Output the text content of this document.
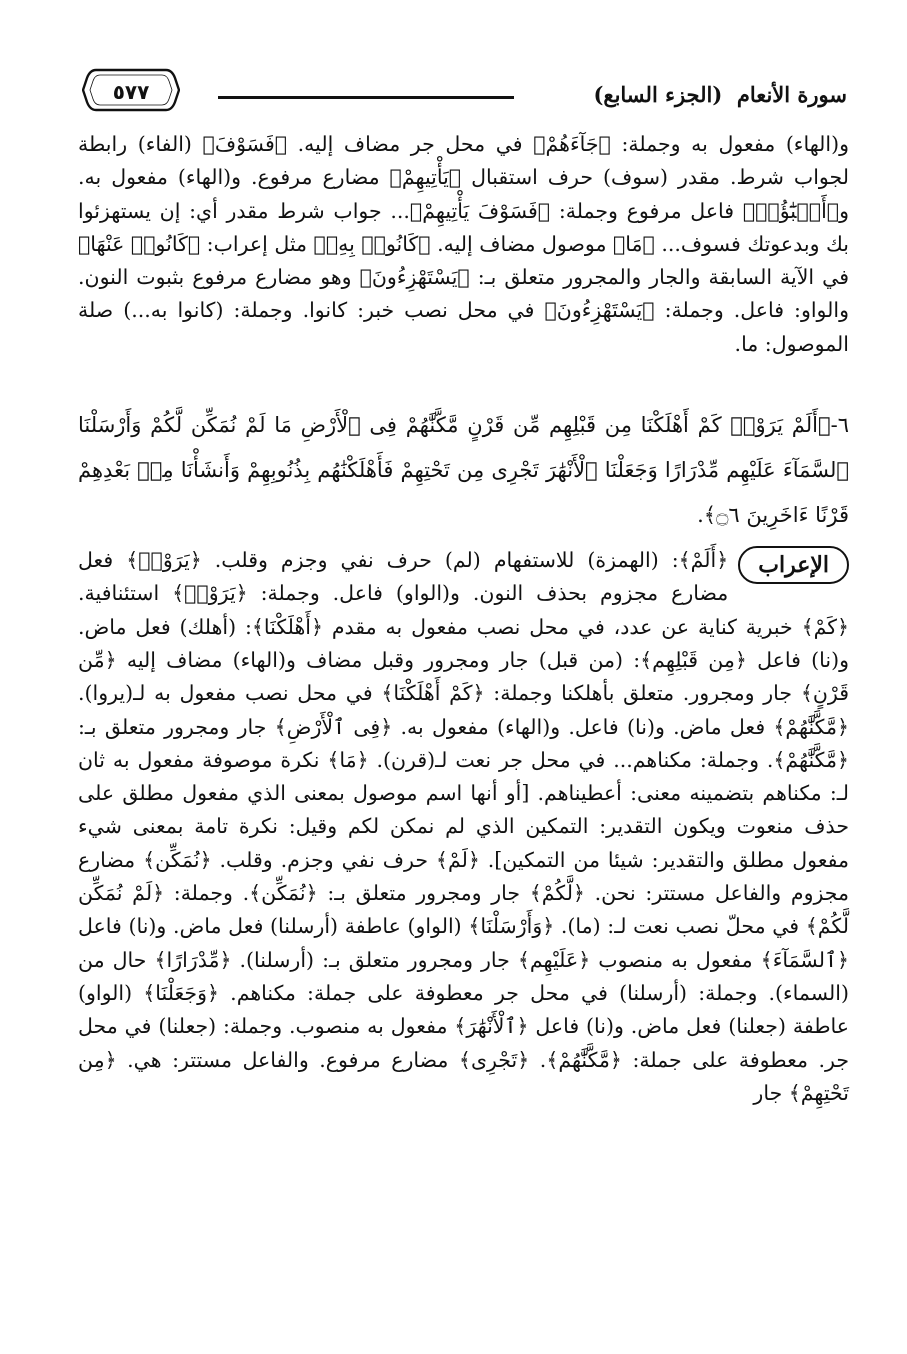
سورة الأنعام  (الجزء السابع)
٥٧٧

و(الهاء) مفعول به وجملة: ﴿جَآءَهُمْ﴾ في محل جر مضاف إليه. ﴿فَسَوْفَ﴾ (الفاء) رابطة لجواب شرط. مقدر (سوف) حرف استقبال ﴿يَأْتِيهِمْ﴾ مضارع مرفوع. و(الهاء) مفعول به. و﴿أَنۢبَٰٓؤُا۟﴾ فاعل مرفوع وجملة: ﴿فَسَوْفَ يَأْتِيهِمْ﴾... جواب شرط مقدر أي: إن يستهزئوا بك وبدعوتك فسوف... ﴿مَا﴾ موصول مضاف إليه. ﴿كَانُوا۟ بِهِۦ﴾ مثل إعراب: ﴿كَانُوا۟ عَنْهَا﴾ في الآية السابقة والجار والمجرور متعلق بـ: ﴿يَسْتَهْزِءُونَ﴾ وهو مضارع مرفوع بثبوت النون. والواو: فاعل. وجملة: ﴿يَسْتَهْزِءُونَ﴾ في محل نصب خبر: كانوا. وجملة: (كانوا به...) صلة الموصول: ما.

٦-﴿أَلَمْ يَرَوْا۟ كَمْ أَهْلَكْنَا مِن قَبْلِهِم مِّن قَرْنٍ مَّكَّنَّٰهُمْ فِى ٱلْأَرْضِ مَا لَمْ نُمَكِّن لَّكُمْ وَأَرْسَلْنَا ٱلسَّمَآءَ عَلَيْهِم مِّدْرَارًا وَجَعَلْنَا ٱلْأَنْهَٰرَ تَجْرِى مِن تَحْتِهِمْ فَأَهْلَكْنَٰهُم بِذُنُوبِهِمْ وَأَنشَأْنَا مِنۢ بَعْدِهِمْ قَرْنًا ءَاخَرِينَ ۝٦﴾.

الإعراب
﴿أَلَمْ﴾: (الهمزة) للاستفهام (لم) حرف نفي وجزم وقلب. ﴿يَرَوْا۟﴾ فعل مضارع مجزوم بحذف النون. و(الواو) فاعل. وجملة: ﴿يَرَوْا۟﴾ استئنافية. ﴿كَمْ﴾ خبرية كناية عن عدد، في محل نصب مفعول به مقدم ﴿أَهْلَكْنَا﴾: (أهلك) فعل ماض. و(نا) فاعل ﴿مِن قَبْلِهِم﴾: (من قبل) جار ومجرور وقبل مضاف و(الهاء) مضاف إليه ﴿مِّن قَرْنٍ﴾ جار ومجرور. متعلق بأهلكنا وجملة: ﴿كَمْ أَهْلَكْنَا﴾ في محل نصب مفعول به لـ(يروا). ﴿مَّكَّنَّٰهُمْ﴾ فعل ماض. و(نا) فاعل. و(الهاء) مفعول به. ﴿فِى ٱلْأَرْضِ﴾ جار ومجرور متعلق بـ: ﴿مَّكَّنَّٰهُمْ﴾. وجملة: مكناهم... في محل جر نعت لـ(قرن). ﴿مَا﴾ نكرة موصوفة مفعول به ثان لـ: مكناهم بتضمينه معنى: أعطيناهم. [أو أنها اسم موصول بمعنى الذي مفعول مطلق على حذف منعوت ويكون التقدير: التمكين الذي لم نمكن لكم وقيل: نكرة تامة بمعنى شيء مفعول مطلق والتقدير: شيئا من التمكين]. ﴿لَمْ﴾ حرف نفي وجزم. وقلب. ﴿نُمَكِّن﴾ مضارع مجزوم والفاعل مستتر: نحن. ﴿لَّكُمْ﴾ جار ومجرور متعلق بـ: ﴿نُمَكِّن﴾. وجملة: ﴿لَمْ نُمَكِّن لَّكُمْ﴾ في محلّ نصب نعت لـ: (ما). ﴿وَأَرْسَلْنَا﴾ (الواو) عاطفة (أرسلنا) فعل ماض. و(نا) فاعل ﴿ٱلسَّمَآءَ﴾ مفعول به منصوب ﴿عَلَيْهِم﴾ جار ومجرور متعلق بـ: (أرسلنا). ﴿مِّدْرَارًا﴾ حال من (السماء). وجملة: (أرسلنا) في محل جر معطوفة على جملة: مكناهم. ﴿وَجَعَلْنَا﴾ (الواو) عاطفة (جعلنا) فعل ماض. و(نا) فاعل ﴿ٱلْأَنْهَٰرَ﴾ مفعول به منصوب. وجملة: (جعلنا) في محل جر. معطوفة على جملة: ﴿مَّكَّنَّٰهُمْ﴾. ﴿تَجْرِى﴾ مضارع مرفوع. والفاعل مستتر: هي. ﴿مِن تَحْتِهِمْ﴾ جار
